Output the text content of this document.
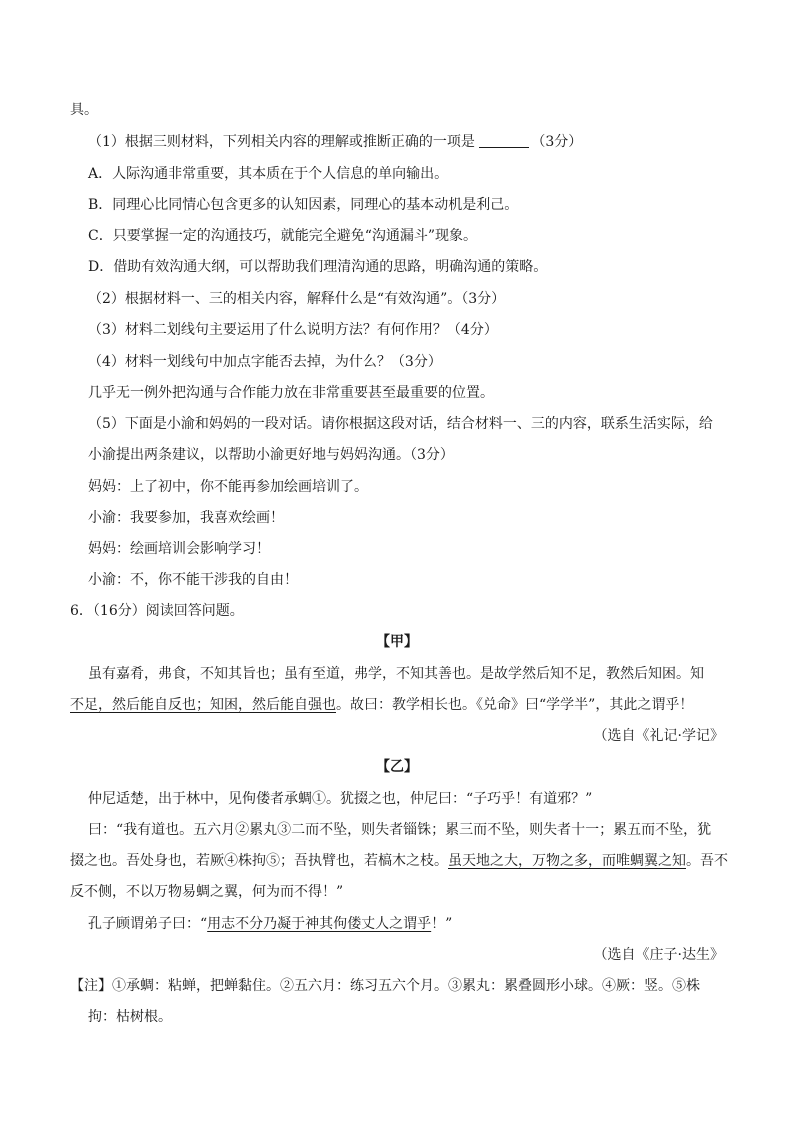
具。
（1）根据三则材料，下列相关内容的理解或推断正确的一项是	（3分）
A．人际沟通非常重要，其本质在于个人信息的单向输出。
B．同理心比同情心包含更多的认知因素，同理心的基本动机是利己。
C．只要掌握一定的沟通技巧，就能完全避免“沟通漏斗”现象。
D．借助有效沟通大纲，可以帮助我们理清沟通的思路，明确沟通的策略。
（2）根据材料一、三的相关内容，解释什么是“有效沟通”。（3分）
（3）材料二划线句主要运用了什么说明方法？有何作用？（4分）
（4）材料一划线句中加点字能否去掉，为什么？（3分）
几乎无一例外把沟通与合作能力放在非常重要甚至最重要的位置。
（5）下面是小渝和妈妈的一段对话。请你根据这段对话，结合材料一、三的内容，联系生活实际，给
小渝提出两条建议，以帮助小渝更好地与妈妈沟通。（3分）
妈妈：上了初中，你不能再参加绘画培训了。
小渝：我要参加，我喜欢绘画！
妈妈：绘画培训会影响学习！
小渝：不，你不能干涉我的自由！
6．（16分）阅读回答问题。
【甲】
虽有嘉肴，弗食，不知其旨也；虽有至道，弗学，不知其善也。是故学然后知不足，教然后知困。知
不足，然后能自反也；知困，然后能自强也。故曰：教学相长也。《兑命》曰“学学半”，其此之谓乎！
（选自《礼记·学记》
【乙】
仲尼适楚，出于林中，见佝偻者承蜩①。犹掇之也，仲尼曰：“子巧乎！有道邪？”
曰：“我有道也。五六月②累丸③二而不坠，则失者锱铢；累三而不坠，则失者十一；累五而不坠，犹
掇之也。吾处身也，若厥④株拘⑤；吾执臂也，若槁木之枝。虽天地之大，万物之多，而唯蜩翼之知。吾不
反不侧，不以万物易蜩之翼，何为而不得！”
孔子顾谓弟子曰：“用志不分乃凝于神其佝偻丈人之谓乎！”
（选自《庄子·达生》
【注】①承蜩：粘蝉，把蝉黏住。②五六月：练习五六个月。③累丸：累叠圆形小球。④厥：竖。⑤株
拘：枯树根。
